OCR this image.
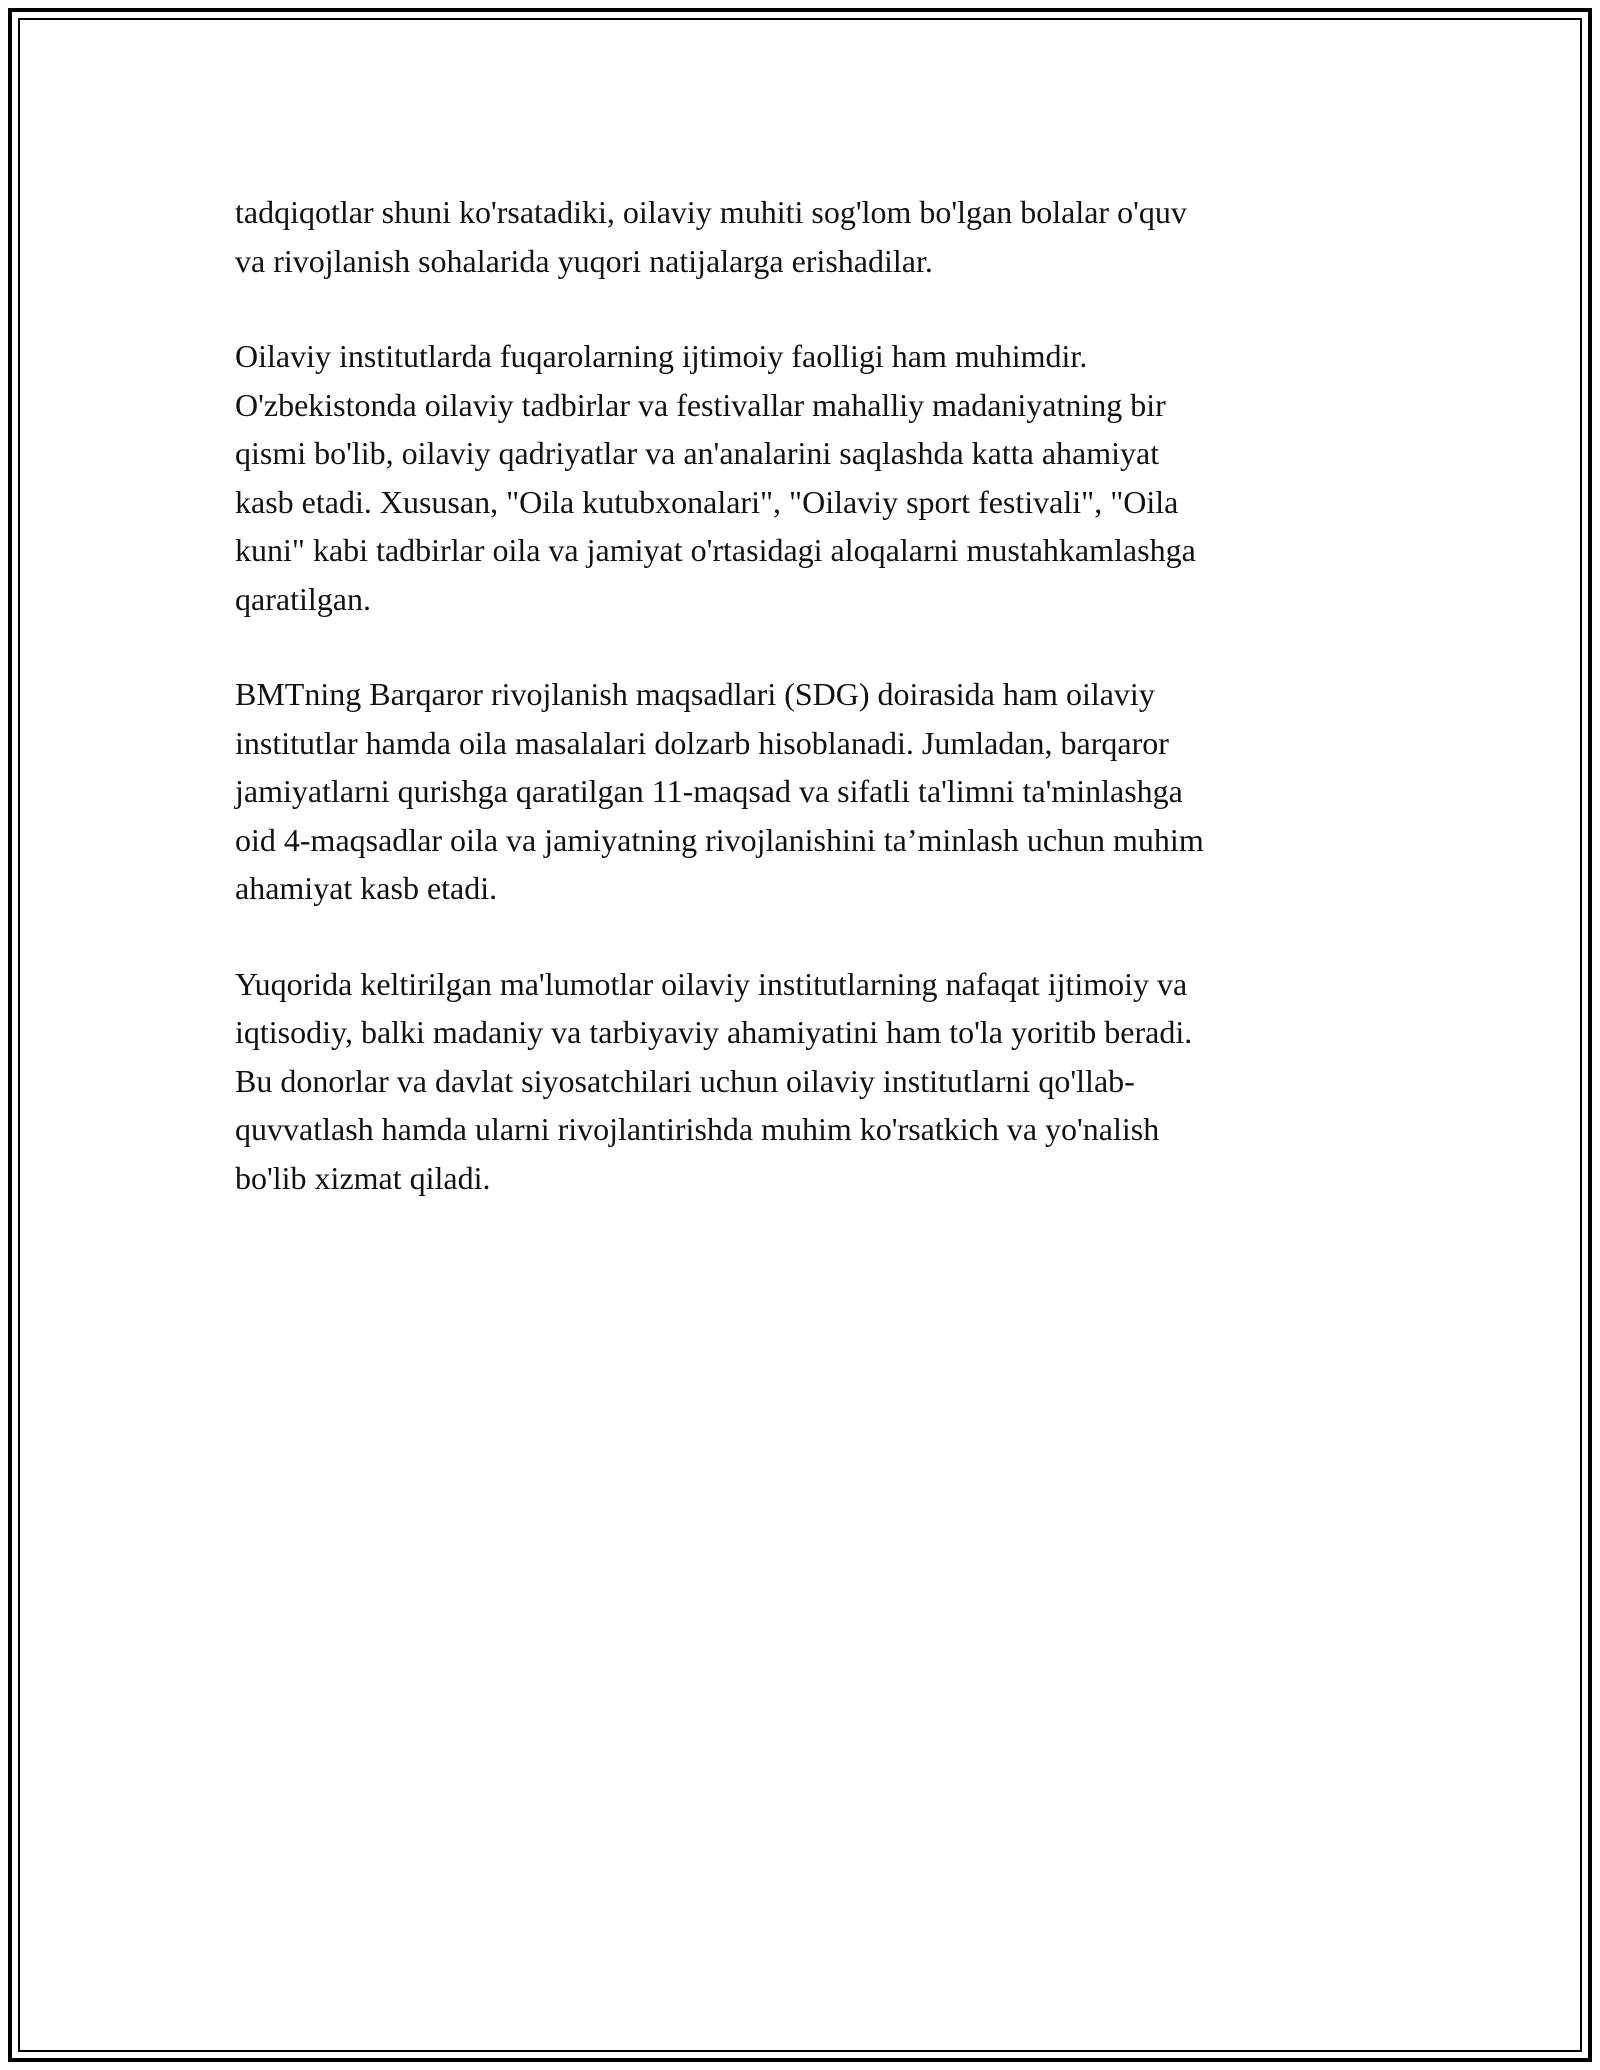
tadqiqotlar shuni ko'rsatadiki, oilaviy muhiti sog'lom bo'lgan bolalar o'quv
va rivojlanish sohalarida yuqori natijalarga erishadilar.

Oilaviy institutlarda fuqarolarning ijtimoiy faolligi ham muhimdir.
O'zbekistonda oilaviy tadbirlar va festivallar mahalliy madaniyatning bir
qismi bo'lib, oilaviy qadriyatlar va an'analarini saqlashda katta ahamiyat
kasb etadi. Xususan, "Oila kutubxonalari", "Oilaviy sport festivali", "Oila
kuni" kabi tadbirlar oila va jamiyat o'rtasidagi aloqalarni mustahkamlashga
qaratilgan.

BMTning Barqaror rivojlanish maqsadlari (SDG) doirasida ham oilaviy
institutlar hamda oila masalalari dolzarb hisoblanadi. Jumladan, barqaror
jamiyatlarni qurishga qaratilgan 11-maqsad va sifatli ta'limni ta'minlashga
oid 4-maqsadlar oila va jamiyatning rivojlanishini ta’minlash uchun muhim
ahamiyat kasb etadi.

Yuqorida keltirilgan ma'lumotlar oilaviy institutlarning nafaqat ijtimoiy va
iqtisodiy, balki madaniy va tarbiyaviy ahamiyatini ham to'la yoritib beradi.
Bu donorlar va davlat siyosatchilari uchun oilaviy institutlarni qo'llab-
quvvatlash hamda ularni rivojlantirishda muhim ko'rsatkich va yo'nalish
bo'lib xizmat qiladi.
